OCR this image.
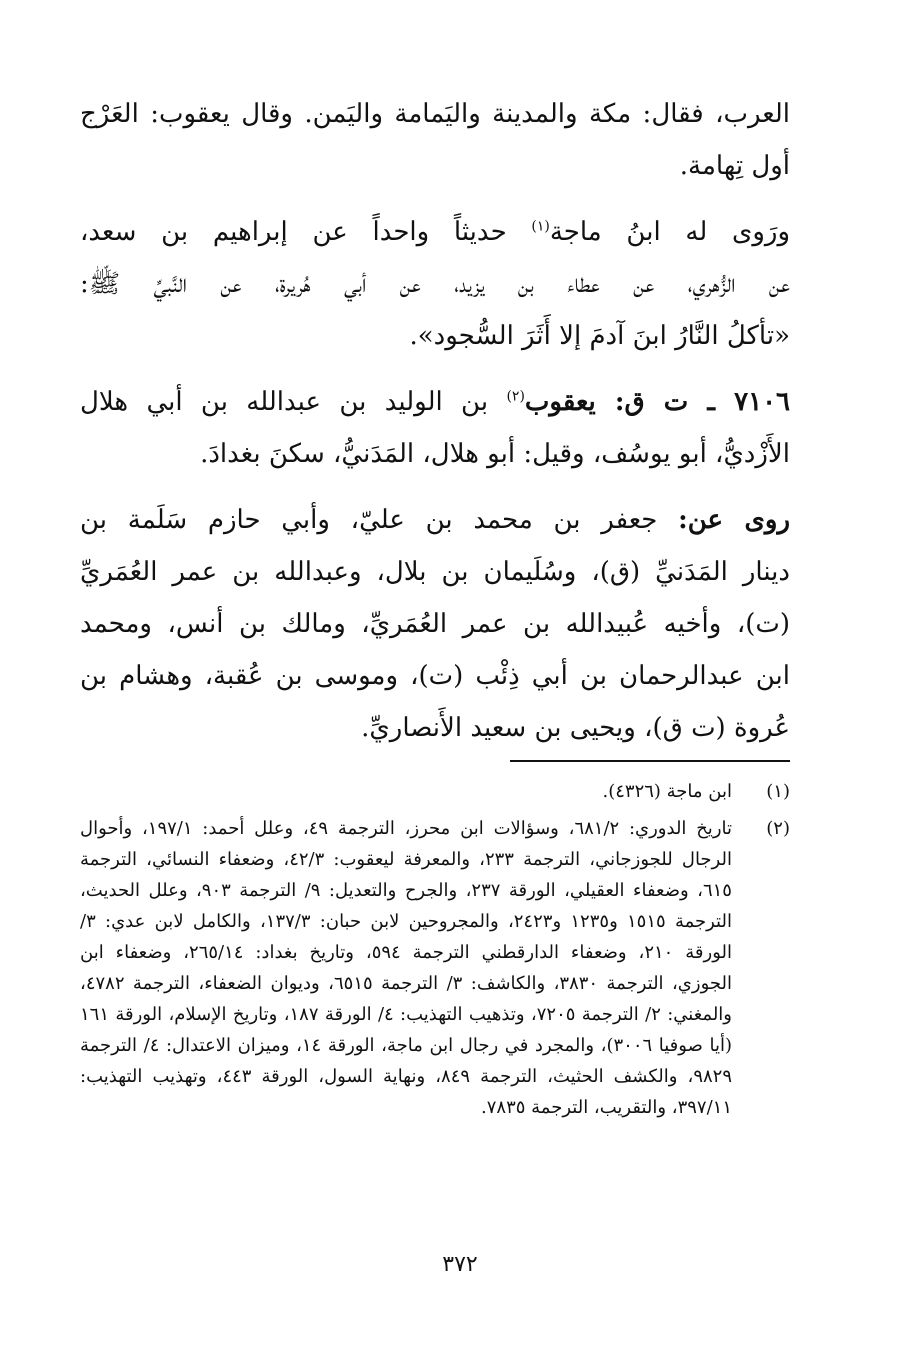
العرب، فقال: مكة والمدينة واليَمامة واليَمن. وقال يعقوب: العَرْج
أول تِهامة.

ورَوى له ابنُ ماجة$^{(١)}$ حديثاً واحداً عن إبراهيم بن سعد،
عن الزُّهري، عن عطاء بن يزيد، عن أبي هُريرة، عن النَّبيِّ ﷺ:
«تأكلُ النَّارُ ابنَ آدمَ إلا أَثَرَ السُّجود».

٧١٠٦ ـ ت ق: يعقوب$^{(٢)}$ بن الوليد بن عبدالله بن أبي هلال
الأَزْديُّ، أبو يوسُف، وقيل: أبو هلال، المَدَنيُّ، سكنَ بغدادَ.

روى عن: جعفر بن محمد بن عليّ، وأبي حازم سَلَمة بن
دينار المَدَنيِّ (ق)، وسُلَيمان بن بلال، وعبدالله بن عمر العُمَريِّ
(ت)، وأخيه عُبيدالله بن عمر العُمَريِّ، ومالك بن أنس، ومحمد
ابن عبدالرحمان بن أبي ذِئْب (ت)، وموسى بن عُقبة، وهشام بن
عُروة (ت ق)، ويحيى بن سعيد الأَنصاريِّ.

(١)
ابن ماجة (٤٣٢٦).
(٢)
تاريخ الدوري: ٦٨١/٢، وسؤالات ابن محرز، الترجمة ٤٩، وعلل أحمد: ١٩٧/١، وأحوال الرجال للجوزجاني، الترجمة ٢٣٣، والمعرفة ليعقوب: ٤٢/٣، وضعفاء النسائي، الترجمة ٦١٥، وضعفاء العقيلي، الورقة ٢٣٧، والجرح والتعديل: ٩/ الترجمة ٩٠٣، وعلل الحديث، الترجمة ١٥١٥ و١٢٣٥ و٢٤٢٣، والمجروحين لابن حبان: ١٣٧/٣، والكامل لابن عدي: ٣/ الورقة ٢١٠، وضعفاء الدارقطني الترجمة ٥٩٤، وتاريخ بغداد: ٢٦٥/١٤، وضعفاء ابن الجوزي، الترجمة ٣٨٣٠، والكاشف: ٣/ الترجمة ٦٥١٥، وديوان الضعفاء، الترجمة ٤٧٨٢، والمغني: ٢/ الترجمة ٧٢٠٥، وتذهيب التهذيب: ٤/ الورقة ١٨٧، وتاريخ الإسلام، الورقة ١٦١ (أيا صوفيا ٣٠٠٦)، والمجرد في رجال ابن ماجة، الورقة ١٤، وميزان الاعتدال: ٤/ الترجمة ٩٨٢٩، والكشف الحثيث، الترجمة ٨٤٩، ونهاية السول، الورقة ٤٤٣، وتهذيب التهذيب: ٣٩٧/١١، والتقريب، الترجمة ٧٨٣٥.
٣٧٢
